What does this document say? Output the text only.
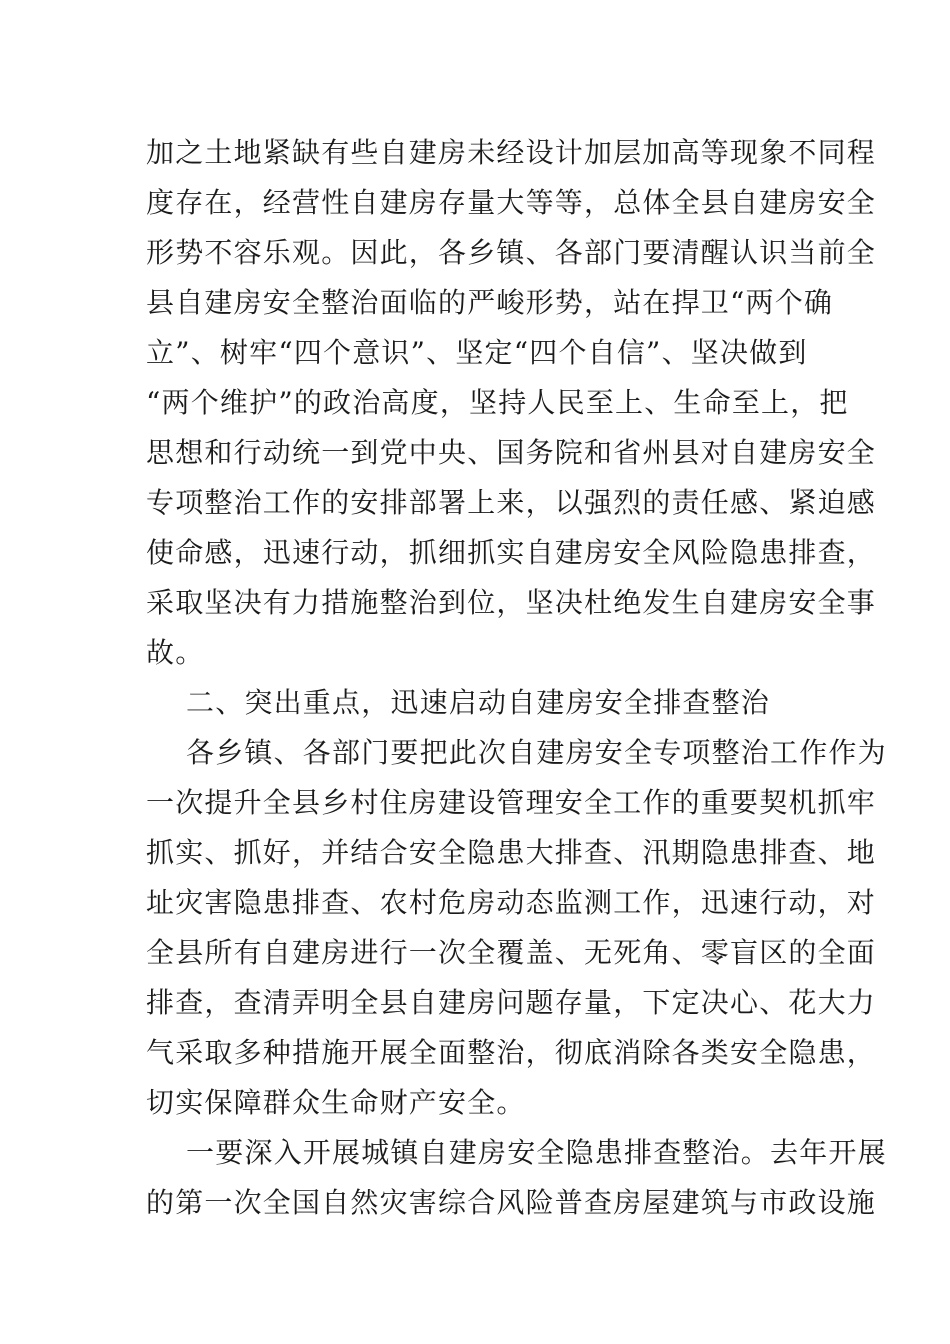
加之土地紧缺有些自建房未经设计加层加高等现象不同程
度存在，经营性自建房存量大等等，总体全县自建房安全
形势不容乐观。因此，各乡镇、各部门要清醒认识当前全
县自建房安全整治面临的严峻形势，站在捍卫“两个确
立”、树牢“四个意识”、坚定“四个自信”、坚决做到
“两个维护”的政治高度，坚持人民至上、生命至上，把
思想和行动统一到党中央、国务院和省州县对自建房安全
专项整治工作的安排部署上来，以强烈的责任感、紧迫感
使命感，迅速行动，抓细抓实自建房安全风险隐患排查，
采取坚决有力措施整治到位，坚决杜绝发生自建房安全事
故。
二、突出重点，迅速启动自建房安全排查整治
各乡镇、各部门要把此次自建房安全专项整治工作作为
一次提升全县乡村住房建设管理安全工作的重要契机抓牢
抓实、抓好，并结合安全隐患大排查、汛期隐患排查、地
址灾害隐患排查、农村危房动态监测工作，迅速行动，对
全县所有自建房进行一次全覆盖、无死角、零盲区的全面
排查，查清弄明全县自建房问题存量，下定决心、花大力
气采取多种措施开展全面整治，彻底消除各类安全隐患，
切实保障群众生命财产安全。
一要深入开展城镇自建房安全隐患排查整治。去年开展
的第一次全国自然灾害综合风险普查房屋建筑与市政设施
